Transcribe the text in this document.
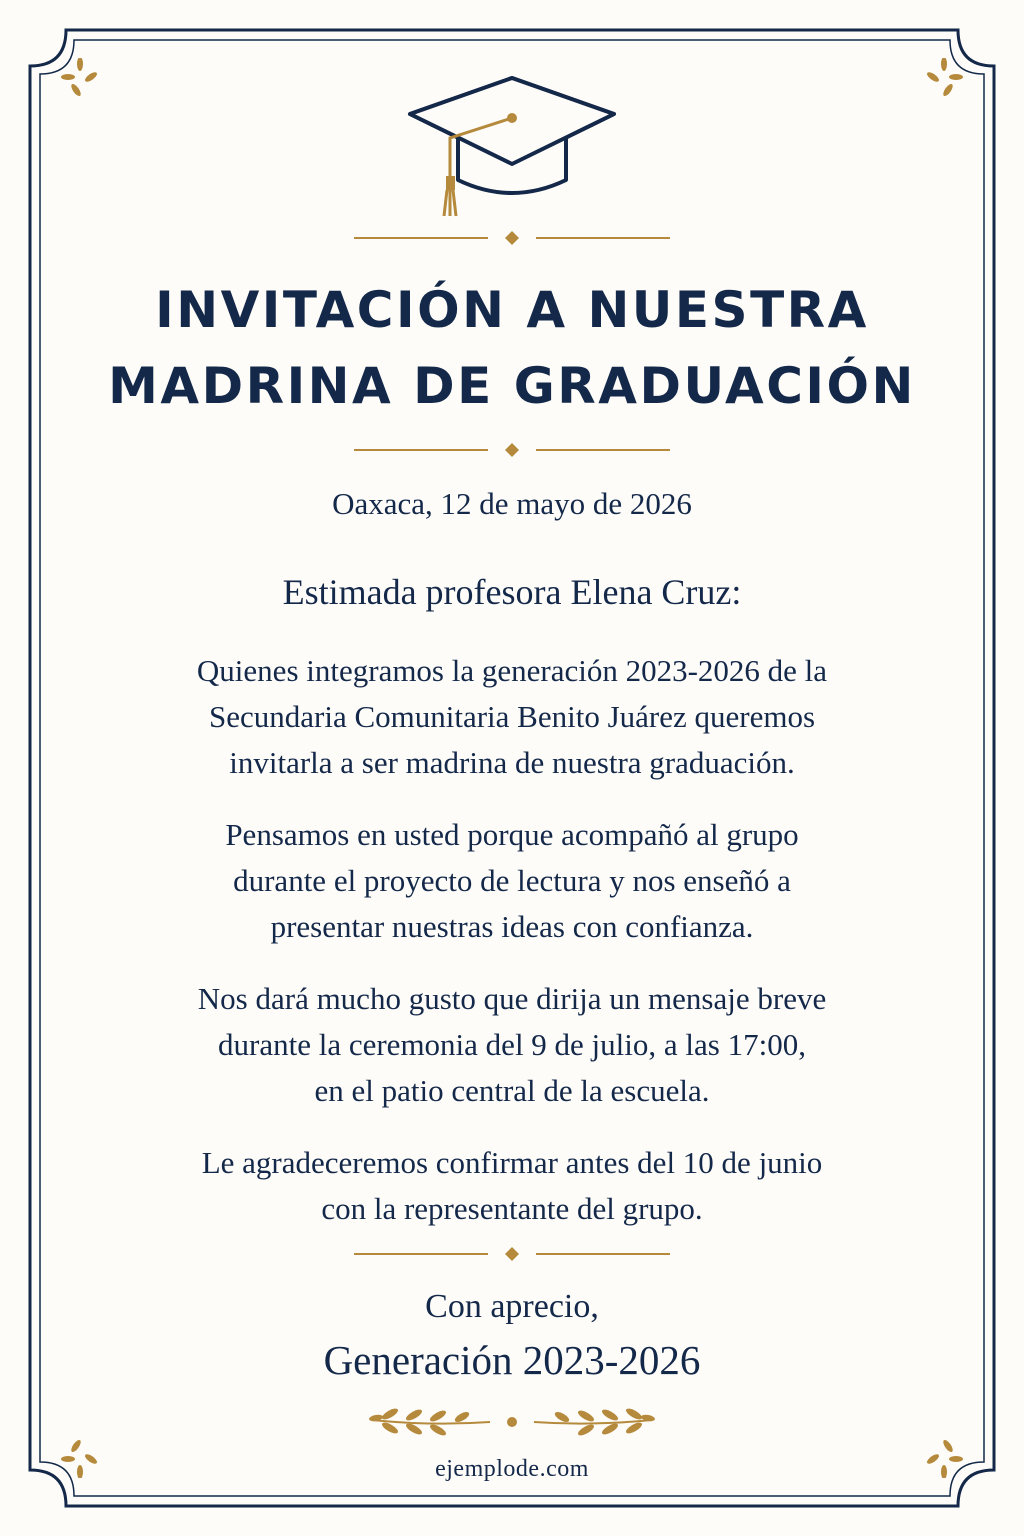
INVITACIÓN A NUESTRA
MADRINA DE GRADUACIÓN

Oaxaca, 12 de mayo de 2026

Estimada profesora Elena Cruz:

Quienes integramos la generación 2023-2026 de la
Secundaria Comunitaria Benito Juárez queremos
invitarla a ser madrina de nuestra graduación.

Pensamos en usted porque acompañó al grupo
durante el proyecto de lectura y nos enseñó a
presentar nuestras ideas con confianza.

Nos dará mucho gusto que dirija un mensaje breve
durante la ceremonia del 9 de julio, a las 17:00,
en el patio central de la escuela.

Le agradeceremos confirmar antes del 10 de junio
con la representante del grupo.

Con aprecio,

Generación 2023-2026

ejemplode.com
